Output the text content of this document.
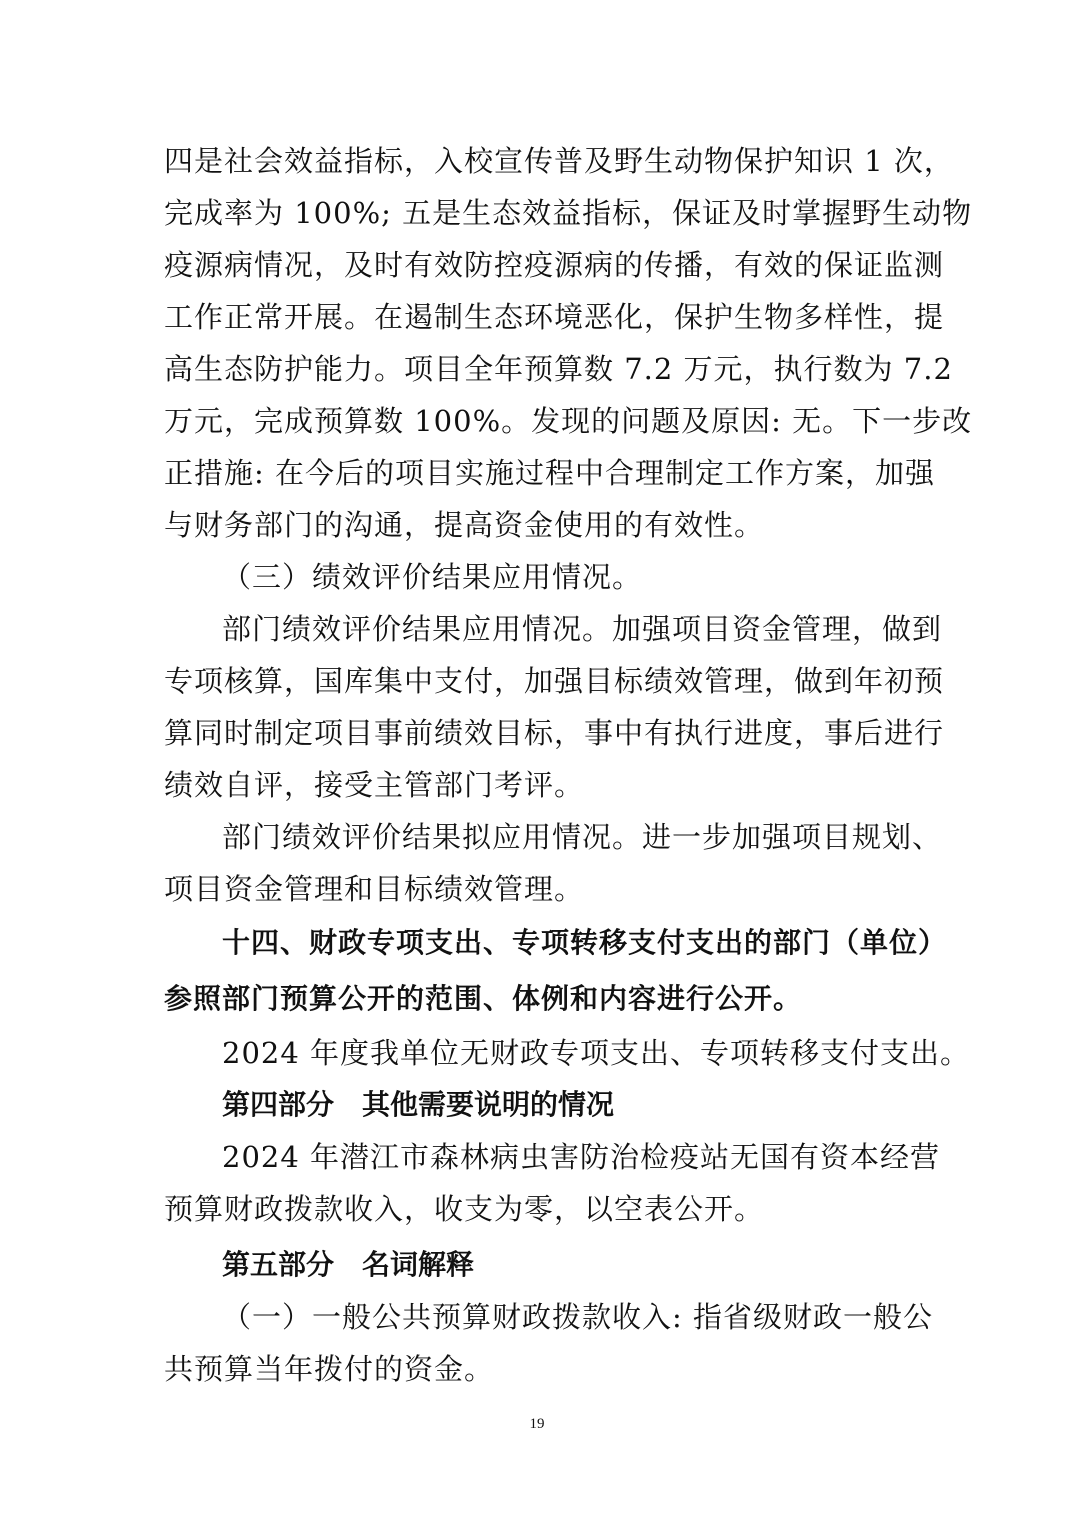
四是社会效益指标，入校宣传普及野生动物保护知识 1 次，
完成率为 100%; 五是生态效益指标，保证及时掌握野生动物
疫源病情况，及时有效防控疫源病的传播，有效的保证监测
工作正常开展。在遏制生态环境恶化，保护生物多样性，提
高生态防护能力。项目全年预算数 7.2 万元，执行数为 7.2
万元，完成预算数 100%。发现的问题及原因: 无。下一步改
正措施: 在今后的项目实施过程中合理制定工作方案，加强
与财务部门的沟通，提高资金使用的有效性。

（三）绩效评价结果应用情况。

部门绩效评价结果应用情况。加强项目资金管理，做到
专项核算，国库集中支付，加强目标绩效管理，做到年初预
算同时制定项目事前绩效目标，事中有执行进度，事后进行
绩效自评，接受主管部门考评。

部门绩效评价结果拟应用情况。进一步加强项目规划、
项目资金管理和目标绩效管理。

十四、财政专项支出、专项转移支付支出的部门（单位）
参照部门预算公开的范围、体例和内容进行公开。

2024 年度我单位无财政专项支出、专项转移支付支出。

第四部分　其他需要说明的情况

2024 年潜江市森林病虫害防治检疫站无国有资本经营
预算财政拨款收入，收支为零，以空表公开。

第五部分　名词解释

（一）一般公共预算财政拨款收入: 指省级财政一般公
共预算当年拨付的资金。

19
